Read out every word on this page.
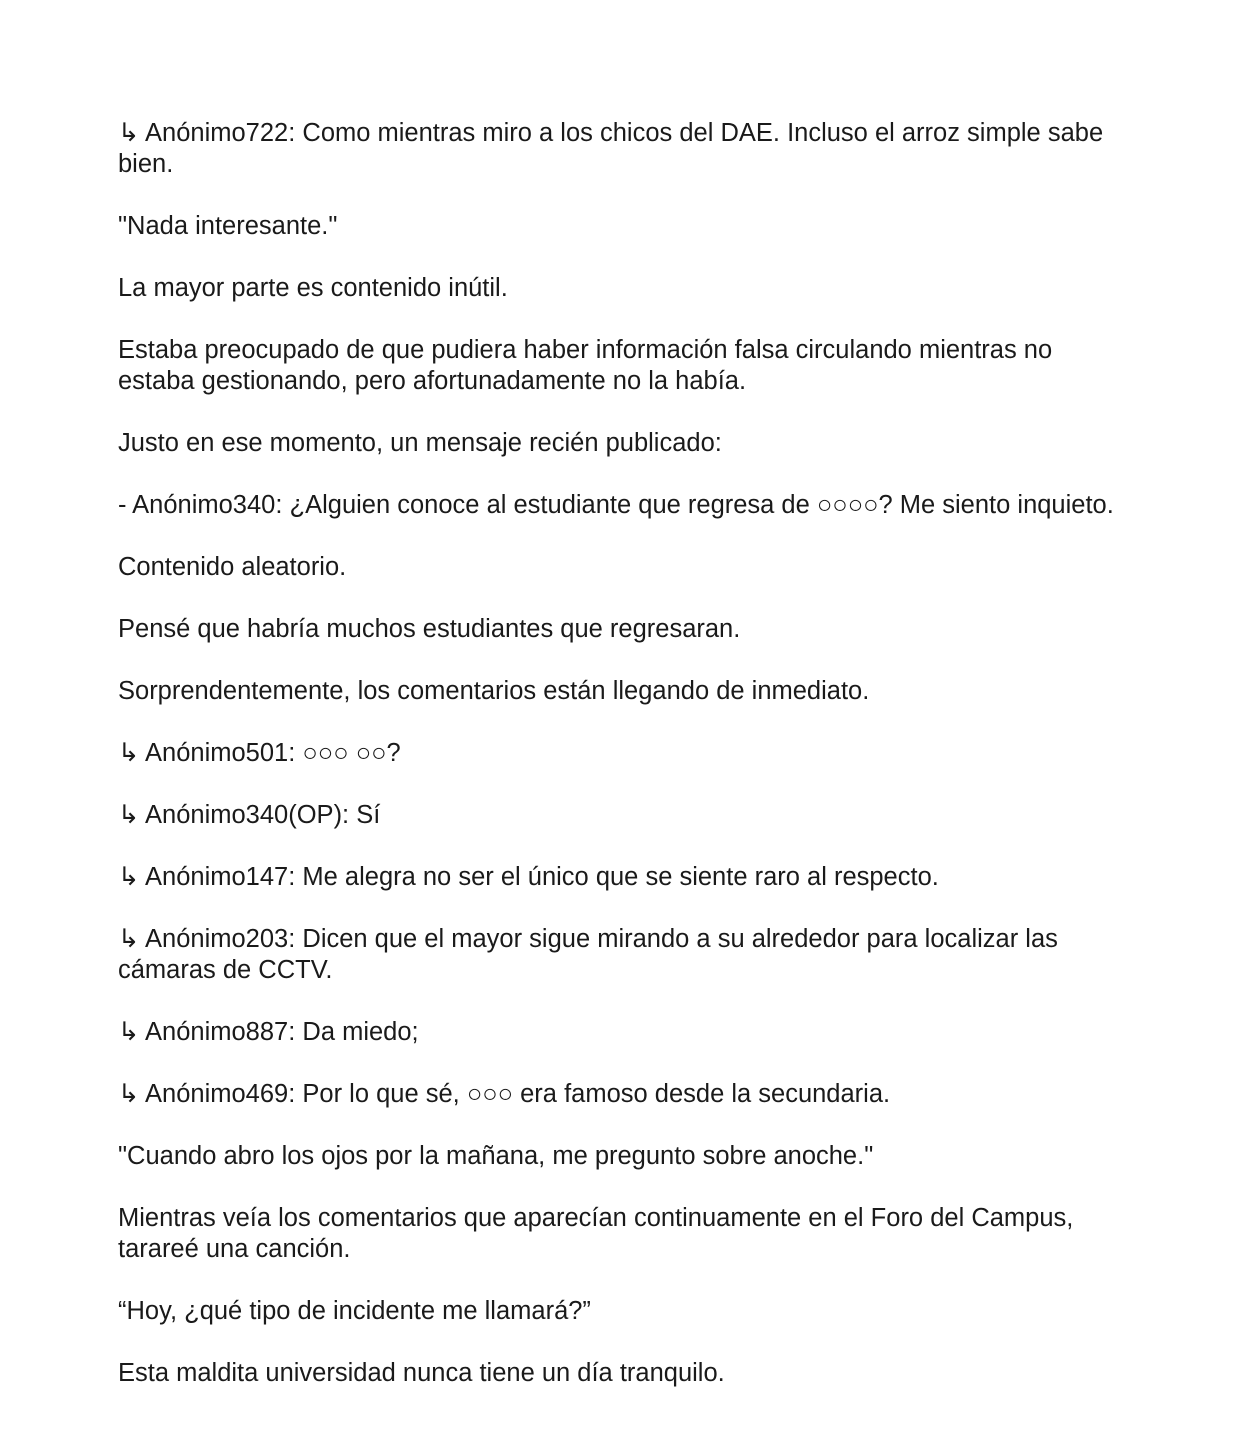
↳ Anónimo722: Como mientras miro a los chicos del DAE. Incluso el arroz simple sabe bien.

"Nada interesante."

La mayor parte es contenido inútil.

Estaba preocupado de que pudiera haber información falsa circulando mientras no estaba gestionando, pero afortunadamente no la había.

Justo en ese momento, un mensaje recién publicado:

- Anónimo340: ¿Alguien conoce al estudiante que regresa de ○○○○? Me siento inquieto.

Contenido aleatorio.

Pensé que habría muchos estudiantes que regresaran.

Sorprendentemente, los comentarios están llegando de inmediato.

↳ Anónimo501: ○○○ ○○?

↳ Anónimo340(OP): Sí

↳ Anónimo147: Me alegra no ser el único que se siente raro al respecto.

↳ Anónimo203: Dicen que el mayor sigue mirando a su alrededor para localizar las cámaras de CCTV.

↳ Anónimo887: Da miedo;

↳ Anónimo469: Por lo que sé, ○○○ era famoso desde la secundaria.

"Cuando abro los ojos por la mañana, me pregunto sobre anoche."

Mientras veía los comentarios que aparecían continuamente en el Foro del Campus, tarareé una canción.

“Hoy, ¿qué tipo de incidente me llamará?”

Esta maldita universidad nunca tiene un día tranquilo.
